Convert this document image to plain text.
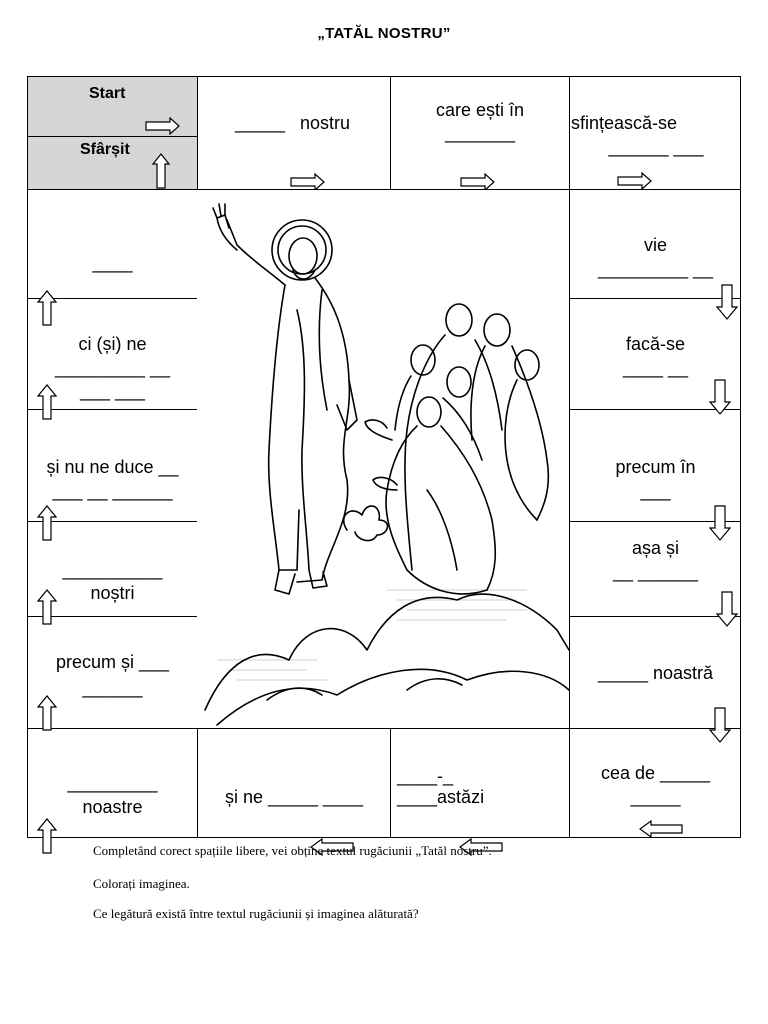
„TATĂL NOSTRU”
Start
Sfârșit
_____   nostru
care ești în
_______	sfințească-se
______ ___
vie
_________ __
facă-se
____ __
precum în
___
așa și
__ ______
_____ noastră
cea de _____
_____
____-_
____astăzi
și ne _____ ____
_________
noastre
precum și ___
______
__________
noștri
și nu ne duce __
___ __ ______
ci (și) ne
_________ __
___ ___
____
Completând corect spațiile libere, vei obține textul rugăciunii „Tatăl nostru”.
Colorați imaginea.
Ce legătură există între textul rugăciunii și imaginea alăturată?
